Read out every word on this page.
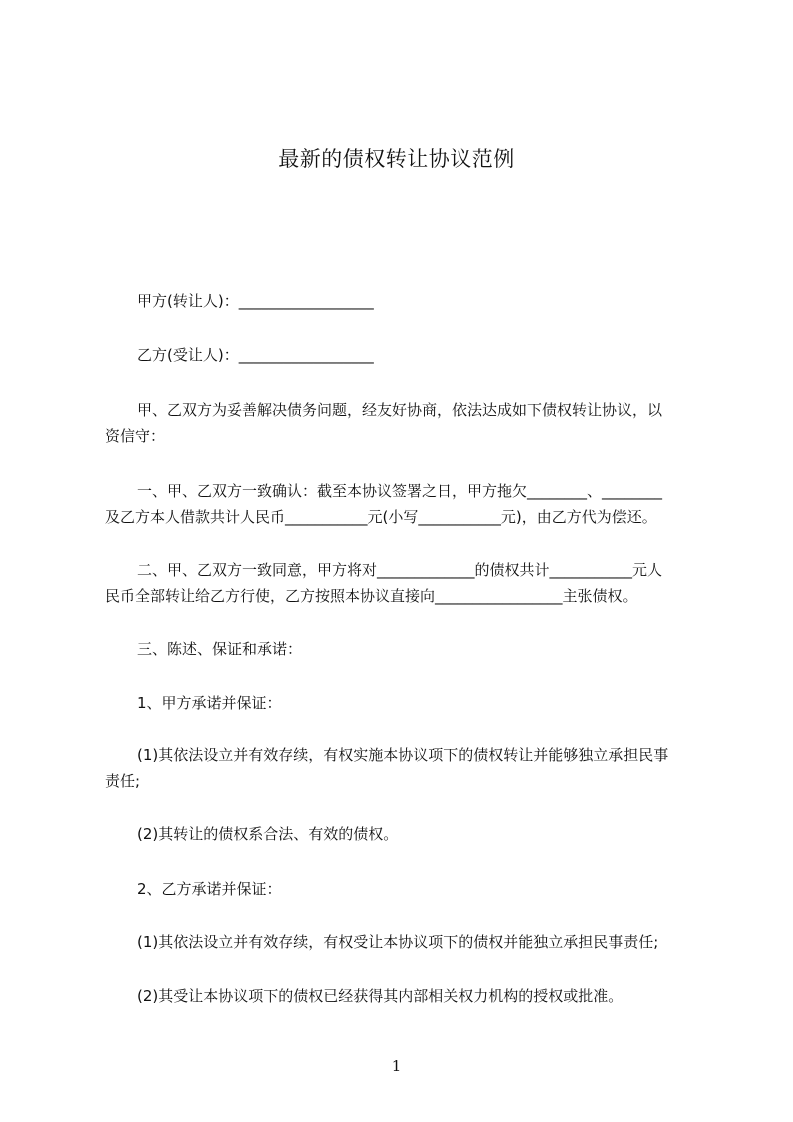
最新的债权转让协议范例
甲方(转让人)：__________________
乙方(受让人)：__________________
甲、乙双方为妥善解决债务问题，经友好协商，依法达成如下债权转让协议，以
资信守：
一、甲、乙双方一致确认：截至本协议签署之日，甲方拖欠________、________
及乙方本人借款共计人民币___________元(小写___________元)，由乙方代为偿还。
二、甲、乙双方一致同意，甲方将对_____________的债权共计___________元人
民币全部转让给乙方行使，乙方按照本协议直接向_________________主张债权。
三、陈述、保证和承诺：
1、甲方承诺并保证：
(1)其依法设立并有效存续，有权实施本协议项下的债权转让并能够独立承担民事
责任;
(2)其转让的债权系合法、有效的债权。
2、乙方承诺并保证：
(1)其依法设立并有效存续，有权受让本协议项下的债权并能独立承担民事责任;
(2)其受让本协议项下的债权已经获得其内部相关权力机构的授权或批准。
1
